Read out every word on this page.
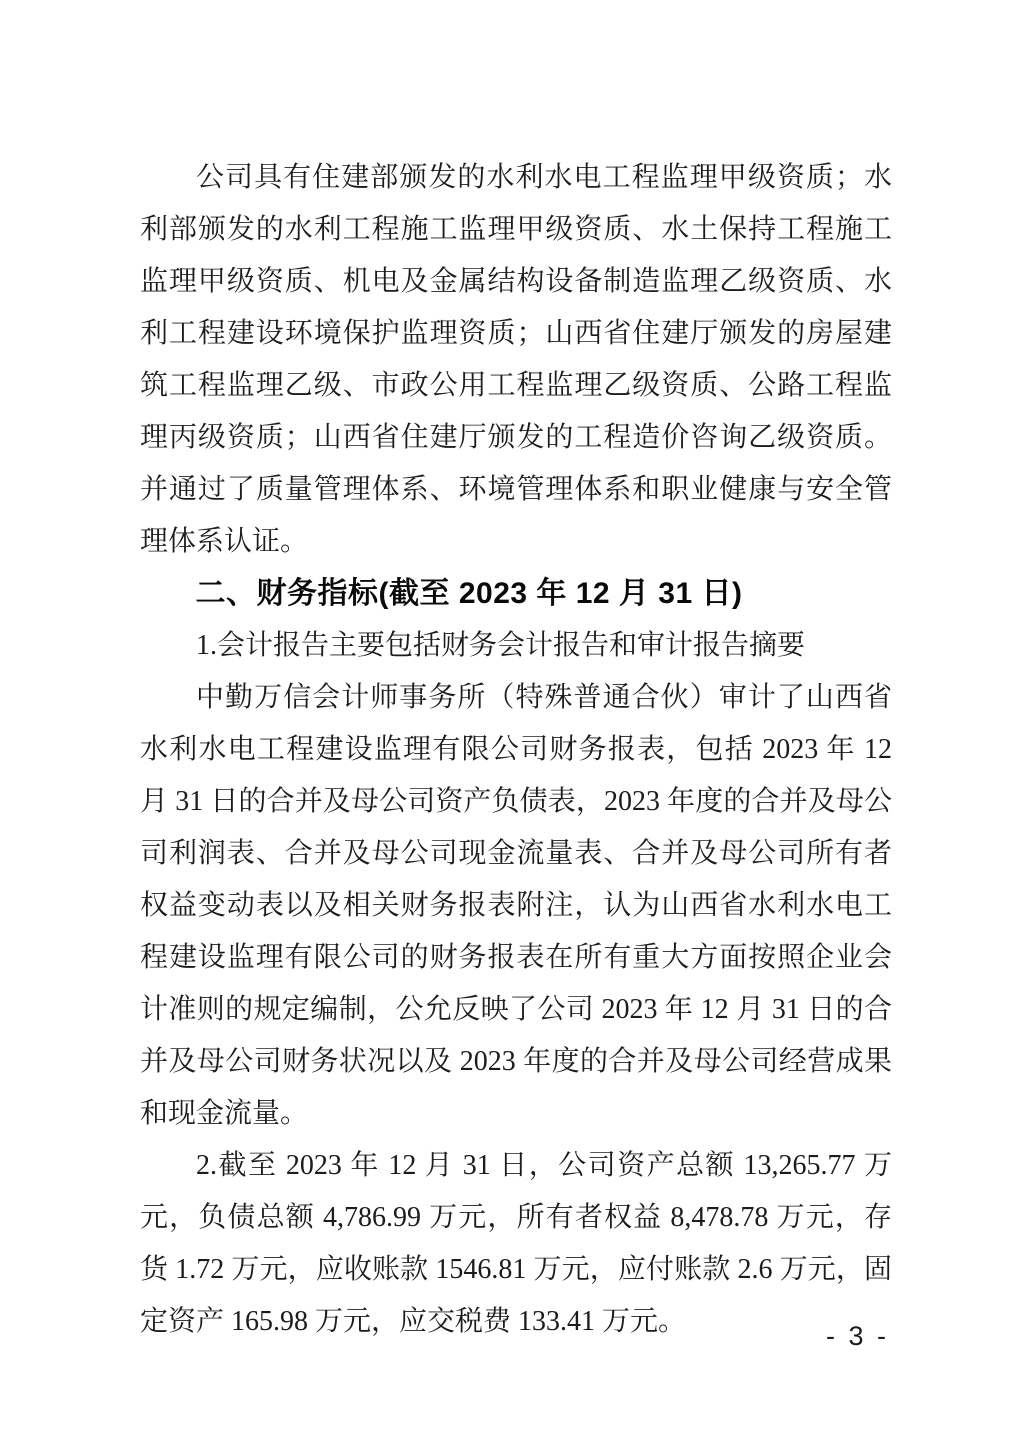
公司具有住建部颁发的水利水电工程监理甲级资质；水利部颁发的水利工程施工监理甲级资质、水土保持工程施工监理甲级资质、机电及金属结构设备制造监理乙级资质、水利工程建设环境保护监理资质；山西省住建厅颁发的房屋建筑工程监理乙级、市政公用工程监理乙级资质、公路工程监理丙级资质；山西省住建厅颁发的工程造价咨询乙级资质。并通过了质量管理体系、环境管理体系和职业健康与安全管理体系认证。

二、财务指标(截至 2023 年 12 月 31 日)

1.会计报告主要包括财务会计报告和审计报告摘要

中勤万信会计师事务所（特殊普通合伙）审计了山西省水利水电工程建设监理有限公司财务报表，包括 2023 年 12 月 31 日的合并及母公司资产负债表，2023 年度的合并及母公司利润表、合并及母公司现金流量表、合并及母公司所有者权益变动表以及相关财务报表附注，认为山西省水利水电工程建设监理有限公司的财务报表在所有重大方面按照企业会计准则的规定编制，公允反映了公司 2023 年 12 月 31 日的合并及母公司财务状况以及 2023 年度的合并及母公司经营成果和现金流量。

2.截至 2023 年 12 月 31 日，公司资产总额 13,265.77 万元，负债总额 4,786.99 万元，所有者权益 8,478.78 万元，存货 1.72 万元，应收账款 1546.81 万元，应付账款 2.6 万元，固定资产 165.98 万元，应交税费 133.41 万元。	- 3 -
